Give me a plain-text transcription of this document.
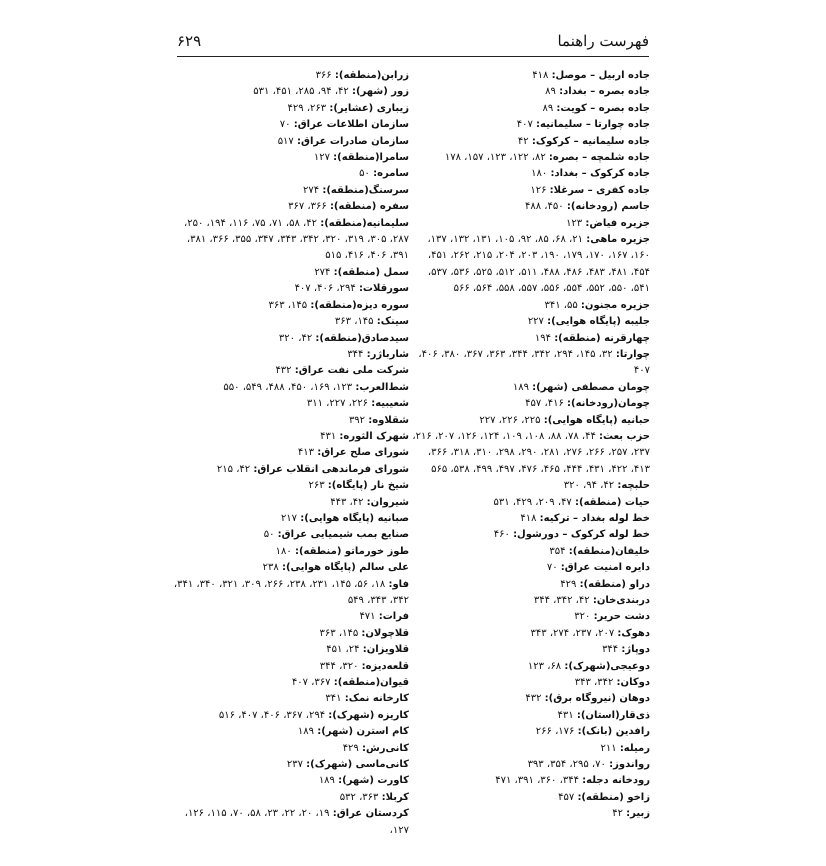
فهرست راهنما
۶۲۹
جاده اربیل – موصل: ۴۱۸
جاده بصره – بغداد: ۸۹
جاده بصره – کویت: ۸۹
جاده چوارتا – سلیمانیه: ۴۰۷
جاده سلیمانیه – کرکوک: ۴۲
جاده شلمچه – بصره: ۸۲، ۱۲۲، ۱۲۳، ۱۵۷، ۱۷۸
جاده کرکوک – بغداد: ۱۸۰
جاده کفری – سرغلا: ۱۲۶
جاسم (رودخانه): ۴۵۰، ۴۸۸
جزیره فیاض: ۱۲۳
جزیره ماهی: ۲۱، ۶۸، ۸۵، ۹۲، ۱۰۵، ۱۳۱، ۱۳۲، ۱۳۷، ۱۶۰، ۱۶۷، ۱۷۰، ۱۷۹، ۱۹۰، ۲۰۳، ۲۰۴، ۲۱۵، ۲۶۲، ۴۵۱، ۴۵۴، ۴۸۱، ۴۸۳، ۴۸۶، ۴۸۸، ۵۱۱، ۵۱۲، ۵۲۵، ۵۳۶، ۵۳۷، ۵۴۱، ۵۵۰، ۵۵۲، ۵۵۴، ۵۵۶، ۵۵۷، ۵۵۸، ۵۶۴، ۵۶۶
جزیره مجنون: ۵۵، ۳۴۱
جلیبه (پایگاه هوایی): ۲۲۷
چهارقرنه (منطقه): ۱۹۴
چوارتا: ۳۲، ۱۴۵، ۲۹۴، ۳۴۲، ۳۴۴، ۳۶۳، ۳۶۷، ۳۸۰، ۴۰۶، ۴۰۷
چومان مصطفی (شهر): ۱۸۹
چومان(رودخانه): ۴۱۶، ۴۵۷
حبانیه (پایگاه هوایی): ۲۲۵، ۲۲۶، ۲۲۷
حزب بعث: ۴۴، ۷۸، ۸۸، ۱۰۸، ۱۰۹، ۱۲۴، ۱۲۶، ۲۰۷، ۲۱۶، ۲۳۷، ۲۵۷، ۲۶۶، ۲۷۶، ۲۸۱، ۲۹۰، ۲۹۸، ۳۱۰، ۳۱۸، ۳۶۶، ۴۱۳، ۴۲۲، ۴۳۱، ۴۴۴، ۴۶۵، ۴۷۶، ۴۹۷، ۴۹۹، ۵۳۸، ۵۶۵
حلبچه: ۴۲، ۹۴، ۳۲۰
حیات (منطقه): ۴۷، ۲۰۹، ۴۲۹، ۵۳۱
خط لوله بغداد – ترکیه: ۴۱۸
خط لوله کرکوک – دورشول: ۴۶۰
خلیفان(منطقه): ۳۵۴
دایره امنیت عراق: ۷۰
دراو (منطقه): ۴۲۹
دربندی‌خان: ۴۲، ۳۴۲، ۳۴۴
دشت حریر: ۳۲۰
دهوک: ۲۰۷، ۲۳۷، ۲۷۴، ۳۴۳
دوپاژ: ۳۴۴
دوعیجی(شهرک): ۶۸، ۱۲۳
دوکان: ۳۴۲، ۳۴۳
دوهان (نیروگاه برق): ۴۳۲
ذی‌قار(استان): ۴۳۱
رافدین (بانک): ۱۷۶، ۲۶۶
رمیله: ۲۱۱
رواندوز: ۷۰، ۲۹۵، ۳۵۴، ۳۹۳
رودخانه دجله: ۳۴۴، ۳۶۰، ۳۹۱، ۴۷۱
زاخو (منطقه): ۴۵۷
زبیر: ۴۲
زرابن(منطقه): ۳۶۶
زور (شهر): ۴۲، ۹۴، ۲۸۵، ۴۵۱، ۵۳۱
زیباری (عشایر): ۲۶۳، ۴۲۹
سازمان اطلاعات عراق: ۷۰
سازمان صادرات عراق: ۵۱۷
سامرا(منطقه): ۱۲۷
سامره: ۵۰
سرسنگ(منطقه): ۲۷۴
سفره (منطقه): ۳۶۶، ۳۶۷
سلیمانیه(منطقه): ۴۲، ۵۸، ۷۱، ۷۵، ۱۱۶، ۱۹۴، ۲۵۰، ۲۸۷، ۳۰۵، ۳۱۹، ۳۲۰، ۳۴۲، ۳۴۳، ۳۴۷، ۳۵۵، ۳۶۶، ۳۸۱، ۳۹۱، ۴۰۶، ۴۱۶، ۵۱۵
سمل (منطقه): ۲۷۴
سورقلات: ۲۹۴، ۴۰۶، ۴۰۷
سوره دیزه(منطقه): ۱۴۵، ۳۶۳
سینک: ۱۴۵، ۳۶۳
سیدصادق(منطقه): ۴۲، ۳۲۰
شارباژر: ۳۴۴
شرکت ملی نفت عراق: ۴۳۲
شط‌العرب: ۱۲۳، ۱۶۹، ۴۵۰، ۴۸۸، ۵۴۹، ۵۵۰
شعیبیه: ۲۲۶، ۲۲۷، ۳۱۱
شقلاوه: ۳۹۲
شهرک الثوره: ۴۳۱
شورای صلح عراق: ۴۱۳
شورای فرماندهی انقلاب عراق: ۴۲، ۲۱۵
شیخ نار (پایگاه): ۲۶۳
شیروان: ۴۲، ۴۴۳
صبانیه (پایگاه هوایی): ۲۱۷
صنایع بمب شیمیایی عراق: ۵۰
طوز خورماتو (منطقه): ۱۸۰
علی سالم (پایگاه هوایی): ۲۳۸
فاو: ۱۸، ۵۶، ۱۴۵، ۲۳۱، ۲۳۸، ۲۶۶، ۳۰۹، ۳۲۱، ۳۴۰، ۳۴۱، ۳۴۲، ۳۴۳، ۵۴۹
فرات: ۴۷۱
قلاچولان: ۱۴۵، ۳۶۳
قلاویزان: ۲۴، ۴۵۱
قلعه‌دیزه: ۳۲۰، ۳۴۴
قیوان(منطقه): ۳۶۷، ۴۰۷
کارخانه نمک: ۳۴۱
کاریزه (شهرک): ۲۹۴، ۳۶۷، ۴۰۶، ۴۰۷، ۵۱۶
کام استرن (شهر): ۱۸۹
کانی‌رش: ۴۲۹
کانی‌ماسی (شهرک): ۲۳۷
کاورت (شهر): ۱۸۹
کربلا: ۳۶۳، ۵۳۲
کردستان عراق: ۱۹، ۲۰، ۲۲، ۲۳، ۵۸، ۷۰، ۱۱۵، ۱۲۶، ۱۲۷،
